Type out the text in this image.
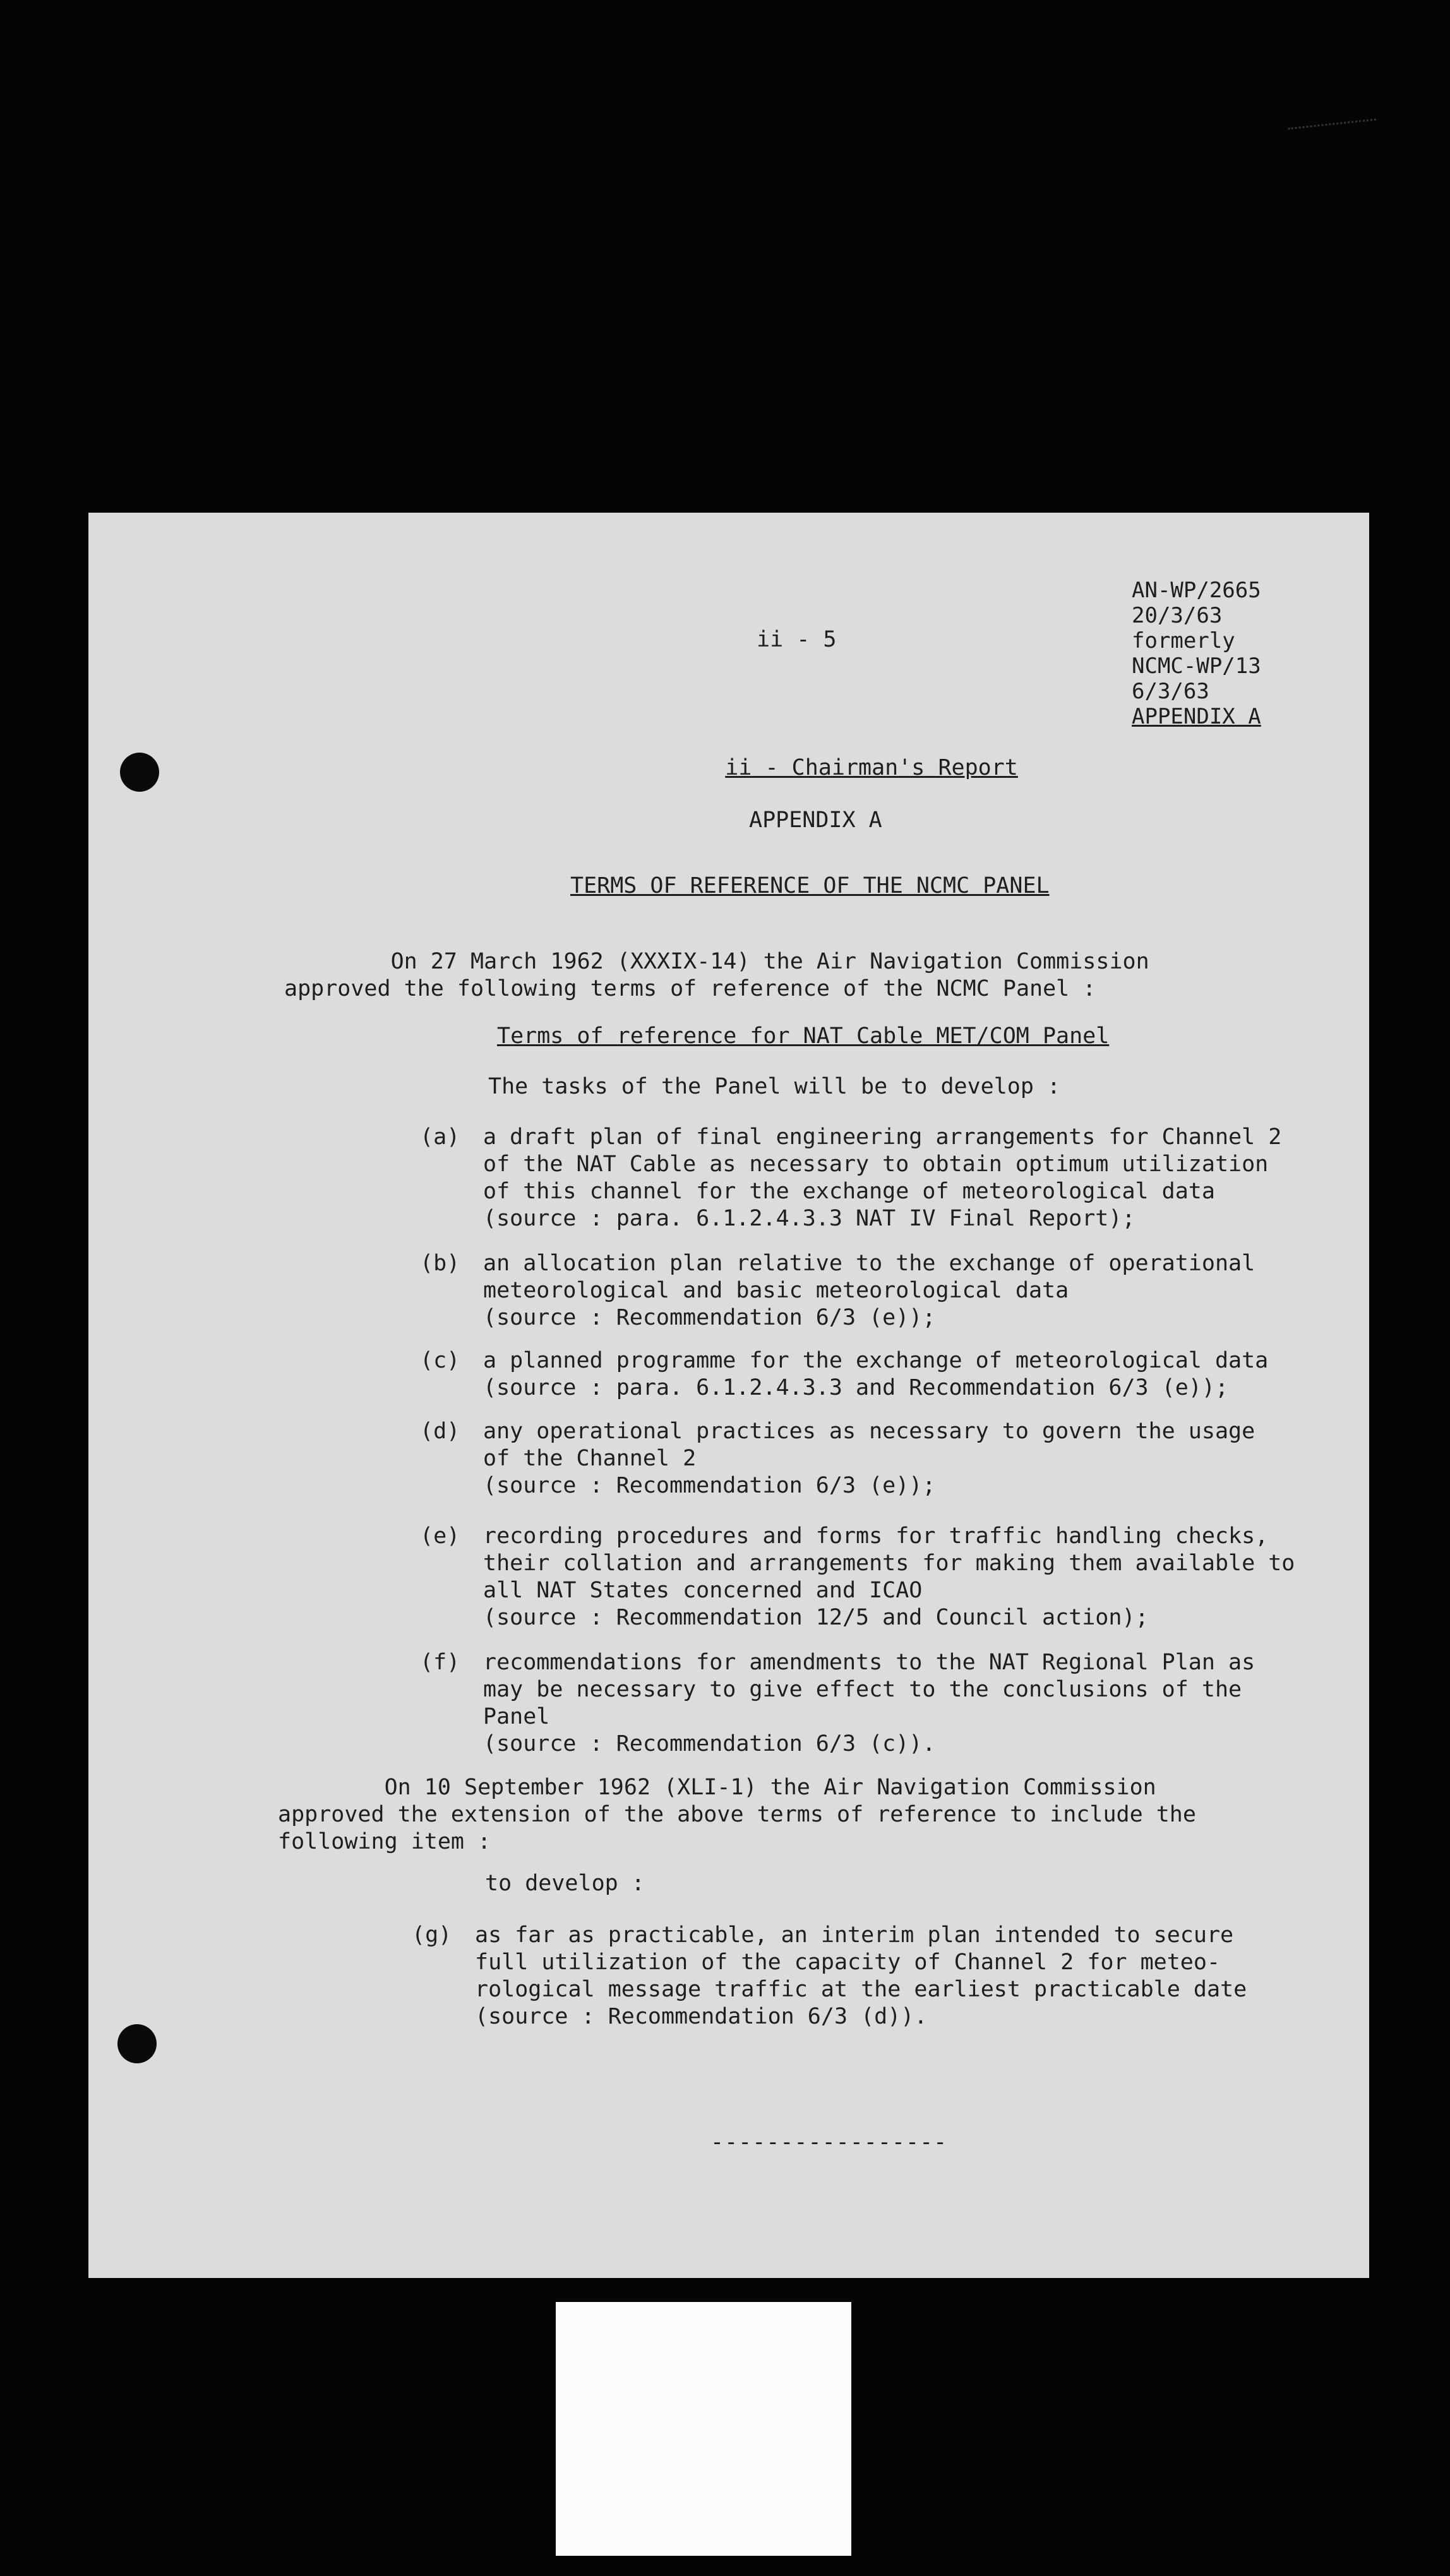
ii - 5
AN-WP/2665
20/3/63
formerly
NCMC-WP/13
6/3/63
APPENDIX A

ii - Chairman's Report

APPENDIX A
TERMS OF REFERENCE OF THE NCMC PANEL
On 27 March 1962 (XXXIX-14) the Air Navigation Commission
approved the following terms of reference of the NCMC Panel :
Terms of reference for NAT Cable MET/COM Panel
The tasks of the Panel will be to develop :
(a) a draft plan of final engineering arrangements for Channel 2
of the NAT Cable as necessary to obtain optimum utilization
of this channel for the exchange of meteorological data
(source : para. 6.1.2.4.3.3 NAT IV Final Report);
(b) an allocation plan relative to the exchange of operational
meteorological and basic meteorological data
(source : Recommendation 6/3 (e));
(c) a planned programme for the exchange of meteorological data
(source : para. 6.1.2.4.3.3 and Recommendation 6/3 (e));
(d) any operational practices as necessary to govern the usage
of the Channel 2
(source : Recommendation 6/3 (e));
(e) recording procedures and forms for traffic handling checks,
their collation and arrangements for making them available to
all NAT States concerned and ICAO
(source : Recommendation 12/5 and Council action);
(f) recommendations for amendments to the NAT Regional Plan as
may be necessary to give effect to the conclusions of the
Panel
(source : Recommendation 6/3 (c)).
On 10 September 1962 (XLI-1) the Air Navigation Commission
approved the extension of the above terms of reference to include the
following item :
to develop :
(g) as far as practicable, an interim plan intended to secure
full utilization of the capacity of Channel 2 for meteo-
rological message traffic at the earliest practicable date
(source : Recommendation 6/3 (d)).
-----------------
